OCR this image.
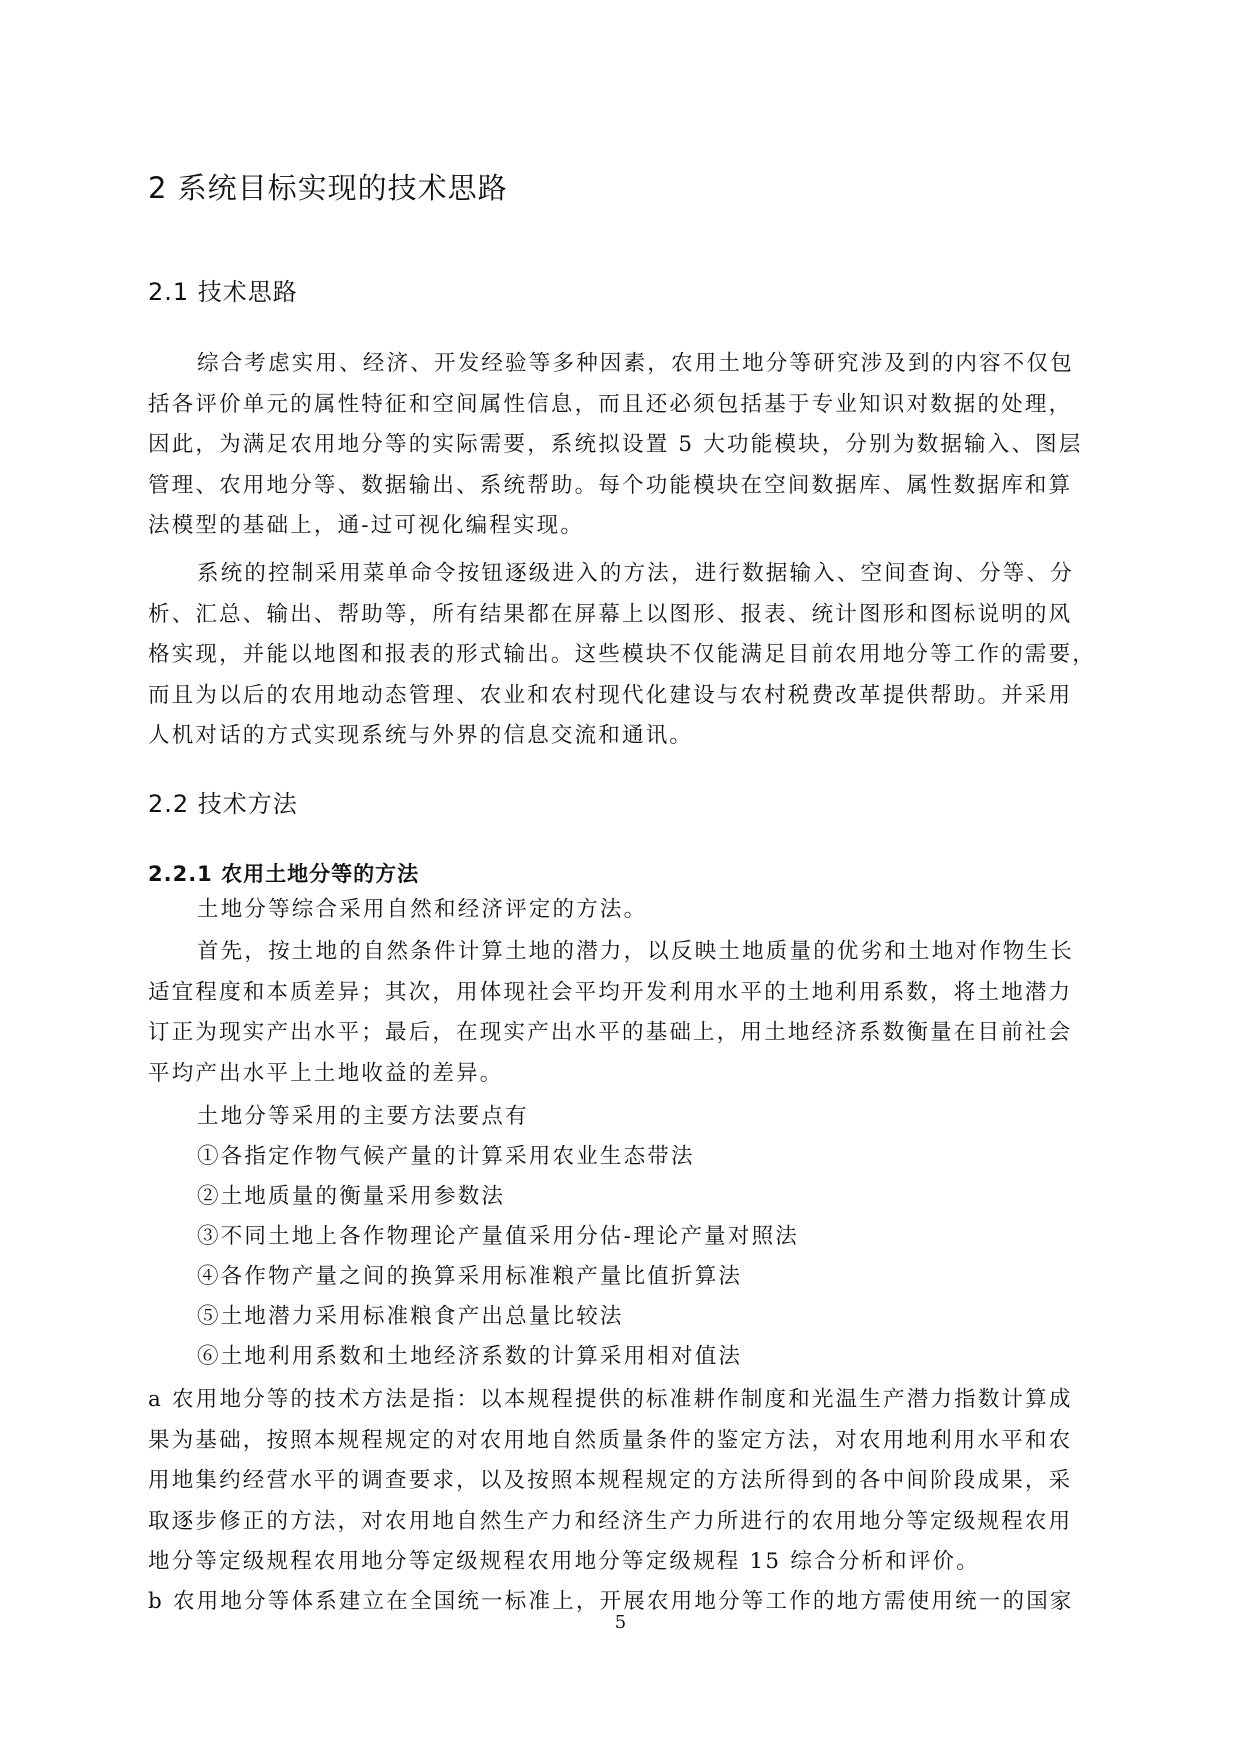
2 系统目标实现的技术思路
2.1 技术思路
综合考虑实用、经济、开发经验等多种因素，农用土地分等研究涉及到的内容不仅包
括各评价单元的属性特征和空间属性信息，而且还必须包括基于专业知识对数据的处理，
因此，为满足农用地分等的实际需要，系统拟设置 5 大功能模块，分别为数据输入、图层
管理、农用地分等、数据输出、系统帮助。每个功能模块在空间数据库、属性数据库和算
法模型的基础上，通-过可视化编程实现。
系统的控制采用菜单命令按钮逐级进入的方法，进行数据输入、空间查询、分等、分
析、汇总、输出、帮助等，所有结果都在屏幕上以图形、报表、统计图形和图标说明的风
格实现，并能以地图和报表的形式输出。这些模块不仅能满足目前农用地分等工作的需要，
而且为以后的农用地动态管理、农业和农村现代化建设与农村税费改革提供帮助。并采用
人机对话的方式实现系统与外界的信息交流和通讯。
2.2 技术方法
2.2.1 农用土地分等的方法
土地分等综合采用自然和经济评定的方法。
首先，按土地的自然条件计算土地的潜力，以反映土地质量的优劣和土地对作物生长
适宜程度和本质差异；其次，用体现社会平均开发利用水平的土地利用系数，将土地潜力
订正为现实产出水平；最后，在现实产出水平的基础上，用土地经济系数衡量在目前社会
平均产出水平上土地收益的差异。
土地分等采用的主要方法要点有
①各指定作物气候产量的计算采用农业生态带法
②土地质量的衡量采用参数法
③不同土地上各作物理论产量值采用分估-理论产量对照法
④各作物产量之间的换算采用标准粮产量比值折算法
⑤土地潜力采用标准粮食产出总量比较法
⑥土地利用系数和土地经济系数的计算采用相对值法
a 农用地分等的技术方法是指：以本规程提供的标准耕作制度和光温生产潜力指数计算成
果为基础，按照本规程规定的对农用地自然质量条件的鉴定方法，对农用地利用水平和农
用地集约经营水平的调查要求，以及按照本规程规定的方法所得到的各中间阶段成果，采
取逐步修正的方法，对农用地自然生产力和经济生产力所进行的农用地分等定级规程农用
地分等定级规程农用地分等定级规程农用地分等定级规程 15 综合分析和评价。
b 农用地分等体系建立在全国统一标准上，开展农用地分等工作的地方需使用统一的国家
5
